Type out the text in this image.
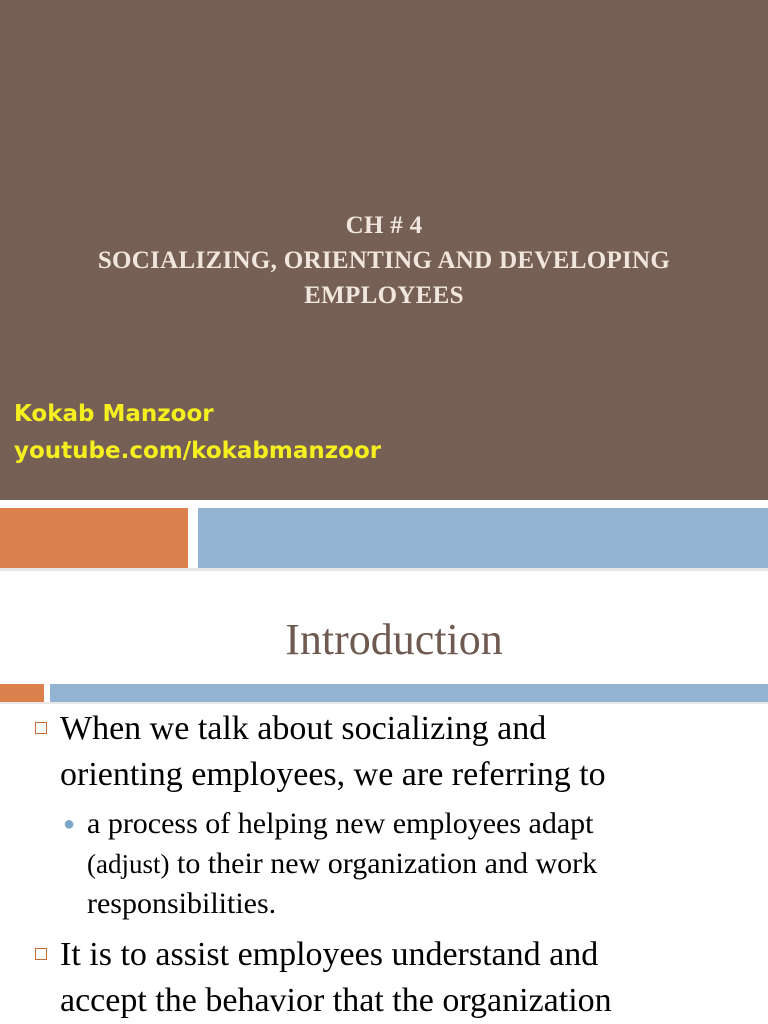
CH # 4
SOCIALIZING, ORIENTING AND DEVELOPING
EMPLOYEES
Kokab Manzoor
youtube.com/kokabmanzoor
Introduction
When we talk about socializing and
orienting employees, we are referring to
● a process of helping new employees adapt
(adjust) to their new organization and work
responsibilities.
It is to assist employees understand and
accept the behavior that the organization
